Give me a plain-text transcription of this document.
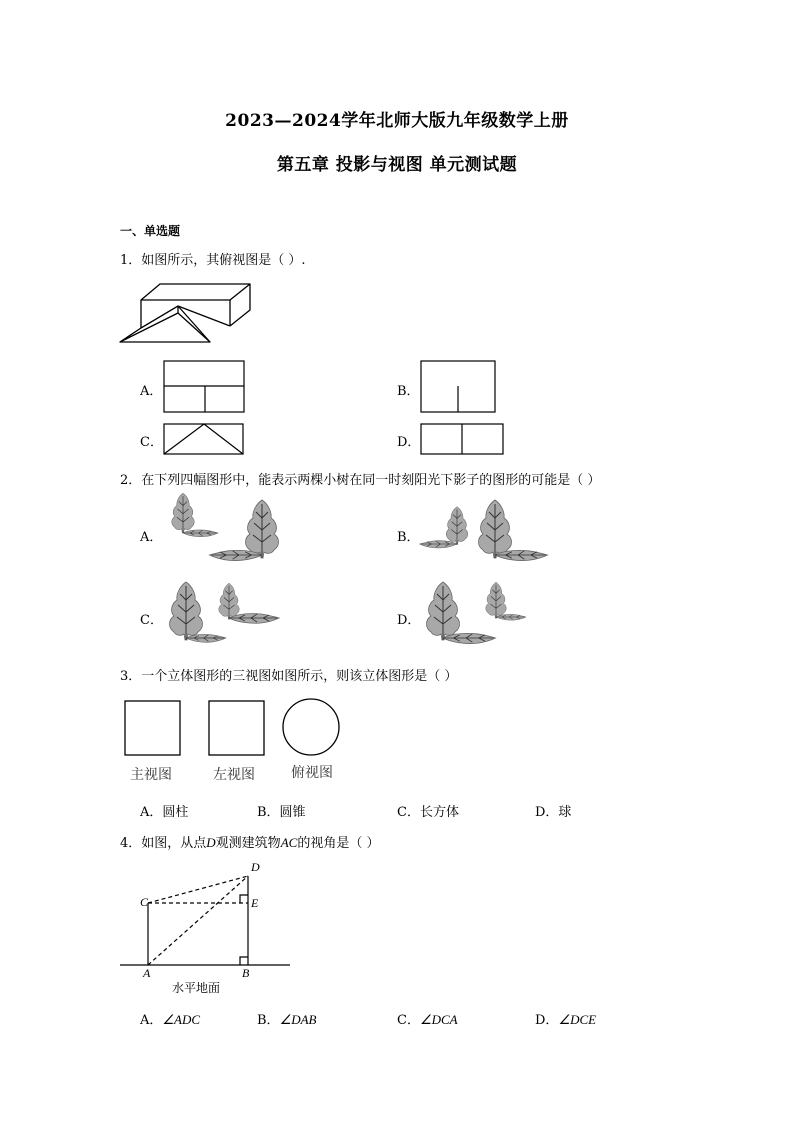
2023—2024学年北师大版九年级数学上册
第五章 投影与视图 单元测试题
一、单选题
1．如图所示，其俯视图是（ ）.
A．	B．
C．	D．
2．在下列四幅图形中，能表示两棵小树在同一时刻阳光下影子的图形的可能是（ ）
A．	B．
C．	D．
3．一个立体图形的三视图如图所示，则该立体图形是（ ）
主视图	左视图	俯视图
A．圆柱	B．圆锥	C．长方体	D．球
4．如图，从点D观测建筑物AC的视角是（ ）
C
D
E
A	B
水平地面
A．∠ADC	B．∠DAB	C．∠DCA	D．∠DCE
